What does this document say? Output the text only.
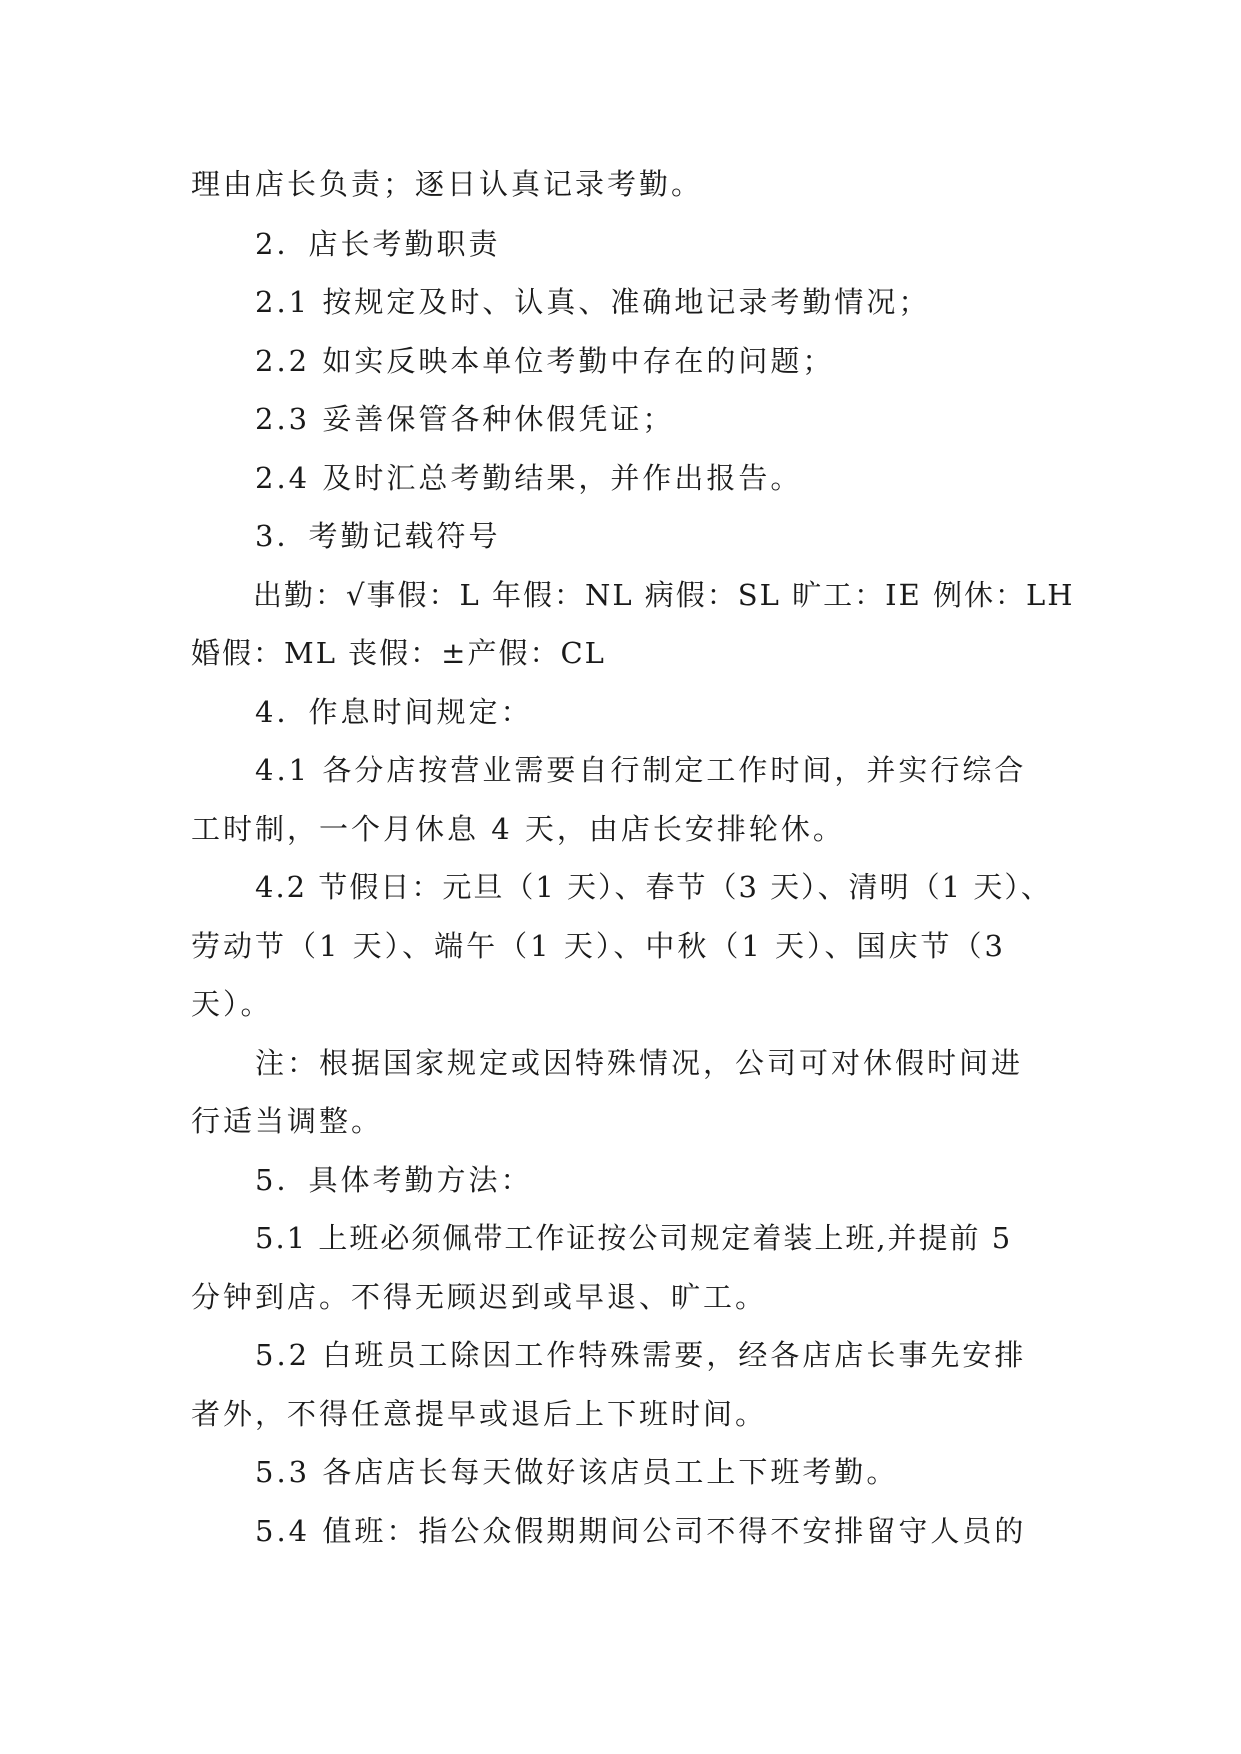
理由店长负责；逐日认真记录考勤。
2．店长考勤职责
2.1 按规定及时、认真、准确地记录考勤情况；
2.2 如实反映本单位考勤中存在的问题；
2.3 妥善保管各种休假凭证；
2.4 及时汇总考勤结果，并作出报告。
3．考勤记载符号
出勤：√事假：L 年假：NL 病假：SL 旷工：IE 例休：LH
婚假：ML 丧假：±产假：CL
4．作息时间规定：
4.1 各分店按营业需要自行制定工作时间，并实行综合
工时制，一个月休息 4 天，由店长安排轮休。
4.2 节假日：元旦（1 天）、春节（3 天）、清明（1 天）、
劳动节（1 天）、端午（1 天）、中秋（1 天）、国庆节（3
天）。
注：根据国家规定或因特殊情况，公司可对休假时间进
行适当调整。
5．具体考勤方法：
5.1 上班必须佩带工作证按公司规定着装上班,并提前 5
分钟到店。不得无顾迟到或早退、旷工。
5.2 白班员工除因工作特殊需要，经各店店长事先安排
者外，不得任意提早或退后上下班时间。
5.3 各店店长每天做好该店员工上下班考勤。
5.4 值班：指公众假期期间公司不得不安排留守人员的
